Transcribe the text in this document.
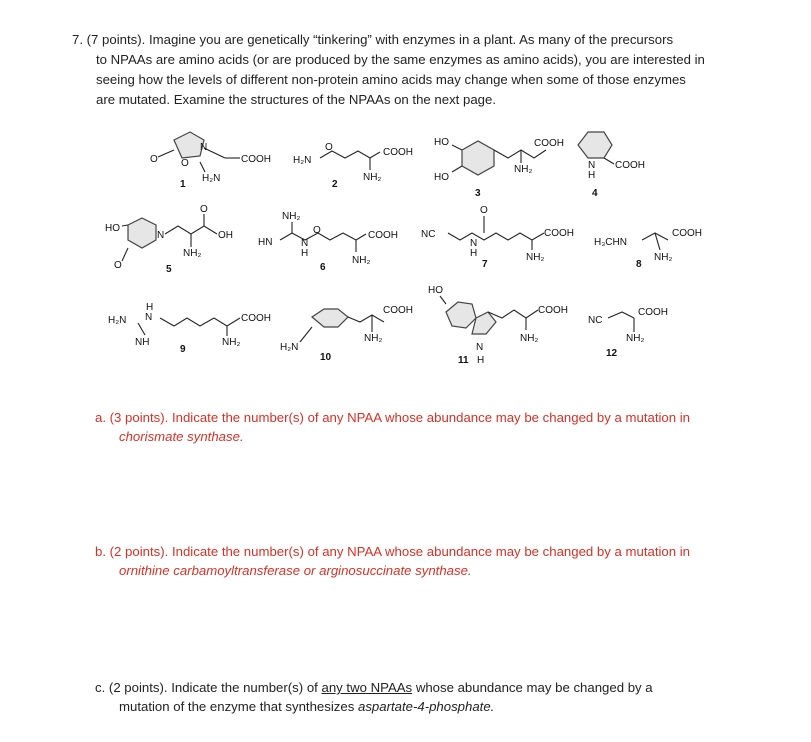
7. (7 points). Imagine you are genetically “tinkering” with enzymes in a plant. As many of the precursors
to NPAAs are amino acids (or are produced by the same enzymes as amino acids), you are interested in
seeing how the levels of different non-protein amino acids may change when some of those enzymes
are mutated. Examine the structures of the NPAAs on the next page.
O O
N
COOH
H₂N
1
H₂N
O	COOH
NH₂
2
HO
HO
COOH
NH₂
3
N
H
COOH
4
HO
O
N
O
OH
NH₂
5
NH₂
HN	N
H
O	COOH
NH₂
6
NC
O
N
H
COOH
NH₂
7
H₃CHN
COOH
NH₂
8
H₂N
H
N
NH
COOH
NH₂
9	H₂N
COOH
NH₂
10
HO
N
H
COOH
NH₂
11
NC
COOH
NH₂
12
a. (3 points). Indicate the number(s) of any NPAA whose abundance may be changed by a mutation in
chorismate synthase.
b. (2 points). Indicate the number(s) of any NPAA whose abundance may be changed by a mutation in
ornithine carbamoyltransferase or arginosuccinate synthase.
c. (2 points). Indicate the number(s) of any two NPAAs whose abundance may be changed by a
mutation of the enzyme that synthesizes aspartate-4-phosphate.
